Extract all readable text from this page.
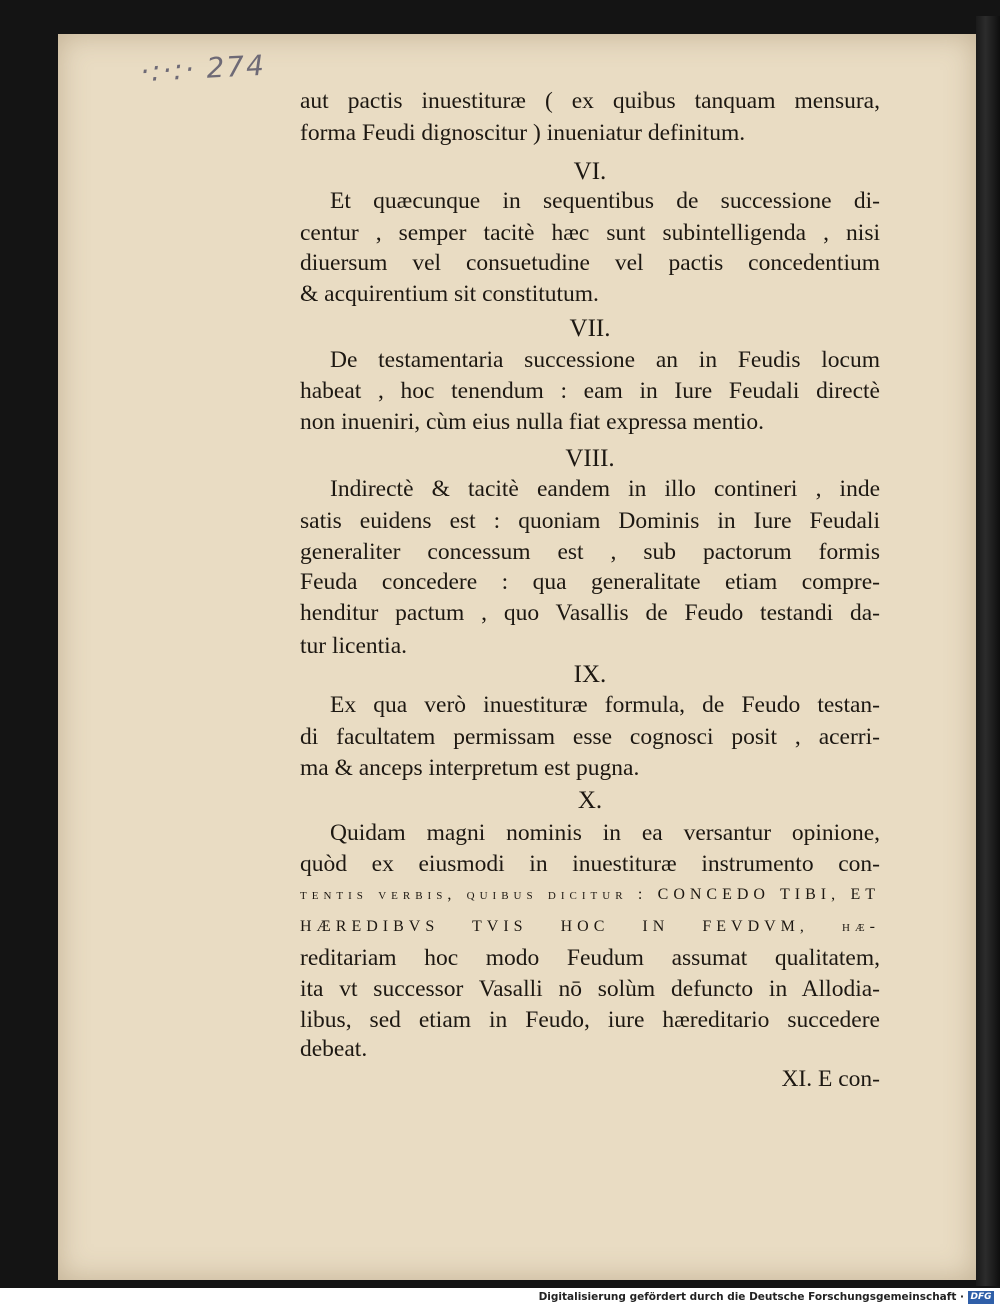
·:·:· 274
aut pactis inuestituræ ( ex quibus tanquam mensura,
forma Feudi dignoscitur ) inueniatur definitum.
VI.
Et quæcunque in sequentibus de successione di-
centur , semper tacitè hæc sunt subintelligenda , nisi
diuersum vel consuetudine vel pactis concedentium
& acquirentium sit constitutum.
VII.
De testamentaria successione an in Feudis locum
habeat , hoc tenendum : eam in Iure Feudali directè
non inueniri, cùm eius nulla fiat expressa mentio.
VIII.
Indirectè & tacitè eandem in illo contineri , inde
satis euidens est : quoniam Dominis in Iure Feudali
generaliter concessum est , sub pactorum formis
Feuda concedere : qua generalitate etiam compre-
henditur pactum , quo Vasallis de Feudo testandi da-
tur licentia.
IX.
Ex qua verò inuestituræ formula, de Feudo testan-
di facultatem permissam esse cognosci posit , acerri-
ma & anceps interpretum est pugna.
X.
Quidam magni nominis in ea versantur opinione,
quòd ex eiusmodi in inuestituræ instrumento con-
tentis verbis, quibus dicitur : CONCEDO TIBI, ET
HÆREDIBVS TVIS HOC IN FEVDVM, hæ-
reditariam hoc modo Feudum assumat qualitatem,
ita vt successor Vasalli nō solùm defuncto in Allodia-
libus, sed etiam in Feudo, iure hæreditario succedere
debeat.
XI. E con-
Digitalisierung gefördert durch die Deutsche Forschungsgemeinschaft · DFG
